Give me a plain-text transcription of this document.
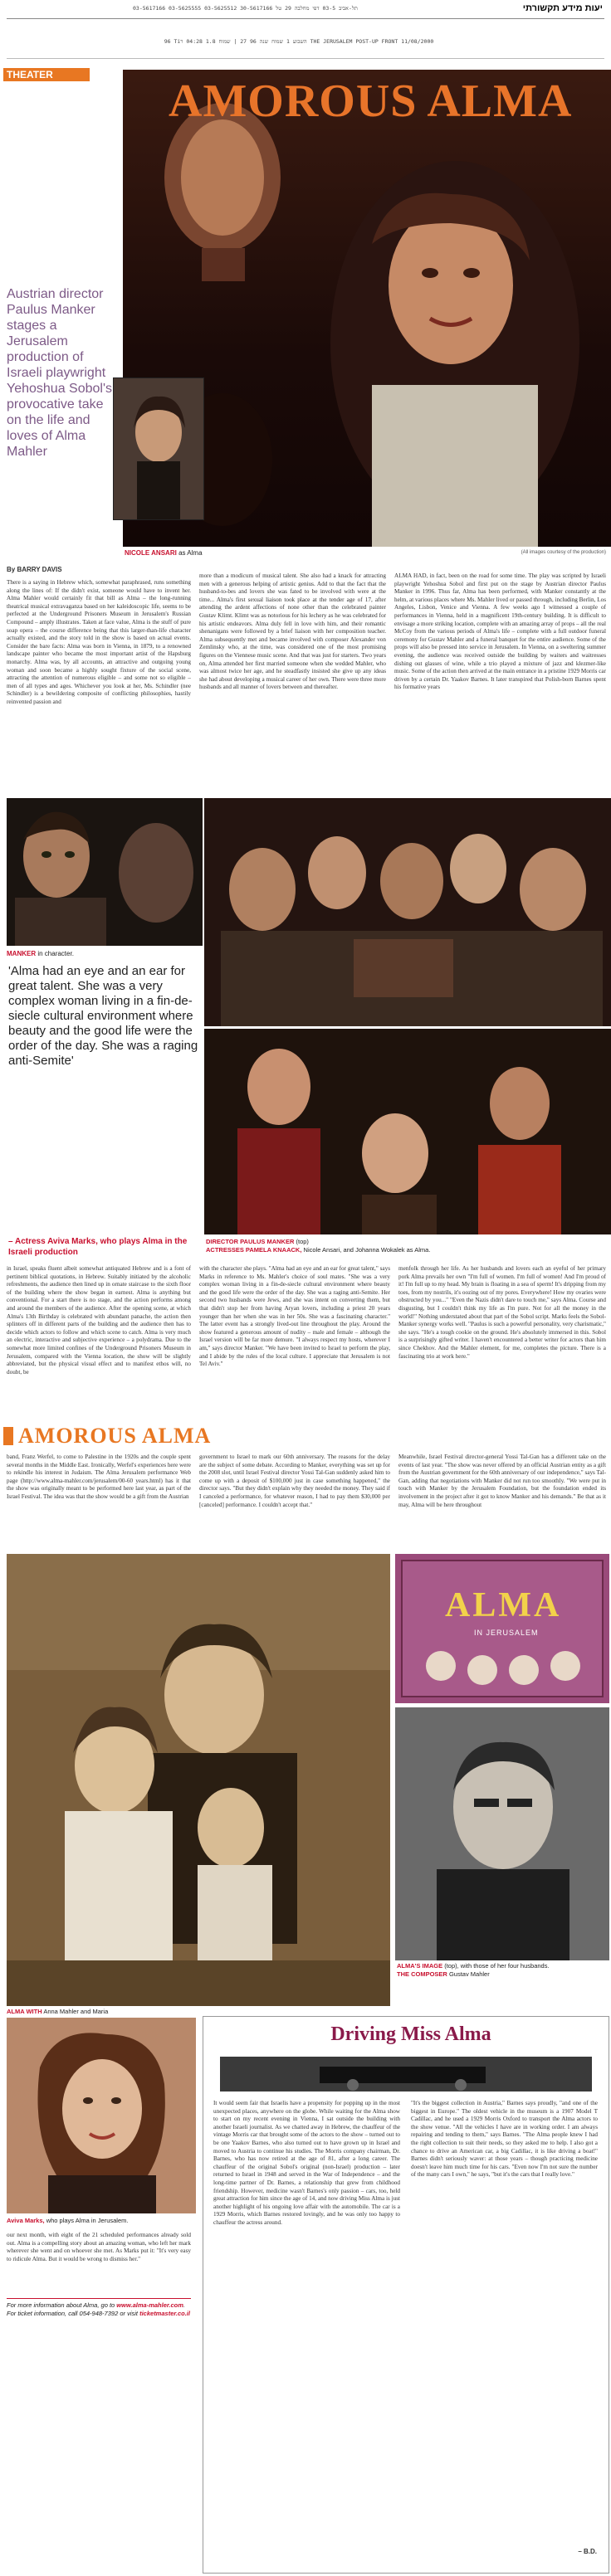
יעות מידע תקשורתי
03-5617166 03-5625555 03-5625512 תל-אביב 03-5 דפי מחלבה 29 טל 30-5617166
96 Tiהשבוע 1 שמוח שנה 96 27 | שמוח 1.8 04:28 ר THE JERUSALEM POST-UP FRONT 11/08/2000
THEATER
Austrian director Paulus Manker stages a Jerusalem production of Israeli playwright Yehoshua Sobol's provocative take on the life and loves of Alma Mahler
AMOROUS ALMA
NICOLE ANSARI as Alma	(All images courtesy of the production)
By BARRY DAVIS
There is a saying in Hebrew which, somewhat paraphrased, runs something along the lines of: If the didn't exist, someone would have to invent her. Alma Mahler would certainly fit that bill as Alma – the long-running theatrical musical extravaganza based on her kaleidoscopic life, seems to be perfected at the Underground Prisoners Museum in Jerusalem's Russian Compound – amply illustrates. Taken at face value, Alma is the stuff of pure soap opera – the course difference being that this larger-than-life character actually existed, and the story told in the show is based on actual events. Consider the bare facts: Alma was born in Vienna, in 1879, to a renowned landscape painter who became the most important artist of the Hapsburg monarchy. Alma was, by all accounts, an attractive and outgoing young woman and soon became a highly sought fixture of the social scene, attracting the attention of numerous eligible – and some not so eligible – men of all types and ages. Whichever you look at her, Ms. Schindler (nee Schindler) is a bewildering composite of conflicting philosophies, hastily reinvented passion and
more than a modicum of musical talent. She also had a knack for attracting men with a generous helping of artistic genius. Add to that the fact that the husband-to-bes and lovers she was fated to be involved with were at the time... Alma's first sexual liaison took place at the tender age of 17, after attending the ardent affections of none other than the celebrated painter Gustav Klimt. Klimt was as notorious for his lechery as he was celebrated for his artistic endeavors. Alma duly fell in love with him, and their romantic shenanigans were followed by a brief liaison with her composition teacher. Alma subsequently met and became involved with composer Alexander von Zemlinsky who, at the time, was considered one of the most promising figures on the Viennese music scene. And that was just for starters. Two years on, Alma attended her first married someone when she wedded Mahler, who was almost twice her age, and he steadfastly insisted she give up any ideas she had about developing a musical career of her own. There were three more husbands and all manner of lovers between and thereafter.
ALMA HAD, in fact, been on the road for some time. The play was scripted by Israeli playwright Yehoshua Sobol and first put on the stage by Austrian director Paulus Manker in 1996. Thus far, Alma has been performed, with Manker constantly at the helm, at various places where Ms. Mahler lived or passed through, including Berlin, Los Angeles, Lisbon, Venice and Vienna. A few weeks ago I witnessed a couple of performances in Vienna, held in a magnificent 19th-century building. It is difficult to envisage a more striking location, complete with an amazing array of props – all the real McCoy from the various periods of Alma's life – complete with a full outdoor funeral ceremony for Gustav Mahler and a funeral banquet for the entire audience. Some of the props will also be pressed into service in Jerusalem. In Vienna, on a sweltering summer evening, the audience was received outside the building by waiters and waitresses dishing out glasses of wine, while a trio played a mixture of jazz and klezmer-like music. Some of the action then arrived at the main entrance in a pristine 1929 Morris car driven by a certain Dr. Yaakov Barnes. It later transpired that Polish-born Barnes spent his formative years
MANKER in character.
'Alma had an eye and an ear for great talent. She was a very complex woman living in a fin-de-siecle cultural environment where beauty and the good life were the order of the day. She was a raging anti-Semite'
– Actress Aviva Marks, who plays Alma in the Israeli production
DIRECTOR PAULUS MANKER (top)
ACTRESSES PAMELA KNAACK, Nicole Ansari, and Johanna Wokalek as Alma.
in Israel, speaks fluent albeit somewhat antiquated Hebrew and is a font of pertinent biblical quotations, in Hebrew. Suitably initiated by the alcoholic refreshments, the audience then lined up in ornate staircase to the sixth floor of the building where the show began in earnest. Alma is anything but conventional. For a start there is no stage, and the action performs among and around the members of the audience. After the opening scene, at which Alma's 13th Birthday is celebrated with abundant panache, the action then splinters off in different parts of the building and the audience then has to decide which actors to follow and which scene to catch. Alma is very much an electric, interactive and subjective experience – a polydrama. Due to the somewhat more limited confines of the Underground Prisoners Museum in Jerusalem, compared with the Vienna location, the show will be slightly abbreviated, but the physical visual effect and to manifest ethos will, no doubt, be
with the character she plays. "Alma had an eye and an ear for great talent," says Marks in reference to Ms. Mahler's choice of soul mates. "She was a very complex woman living in a fin-de-siecle cultural environment where beauty and the good life were the order of the day. She was a raging anti-Semite. Her second two husbands were Jews, and she was intent on converting them, but that didn't stop her from having Aryan lovers, including a priest 20 years younger than her when she was in her 50s. She was a fascinating character." The latter event has a strongly lived-out line throughout the play. Around the show featured a generous amount of nudity – male and female – although the Israel version will be far more demure. "I always respect my hosts, wherever I am," says director Manker. "We have been invited to Israel to perform the play, and I abide by the rules of the local culture. I appreciate that Jerusalem is not Tel Aviv."
menfolk through her life. As her husbands and lovers each an eyeful of her primary pork Alma prevails her own "I'm full of women. I'm full of women! And I'm proud of it! I'm full up to my head. My brain is floating in a sea of sperm! It's dripping from my toes, from my nostrils, it's oozing out of my pores. Everywhere! How my ovaries were obstructed by you..." "Even the Nazis didn't dare to touch me," says Alma. Course and disgusting, but I couldn't think my life as I'm pure. Not for all the money in the world!" Nothing understated about that part of the Sobol script. Marks feels the Sobol-Manker synergy works well. "Paulus is such a powerful personality, very charismatic," she says. "He's a tough cookie on the ground. He's absolutely immersed in this. Sobol is a surprisingly gifted writer. I haven't encountered a better writer for actors than him since Chekhov. And the Mahler element, for me, completes the picture. There is a fascinating trio at work here."
AMOROUS ALMA
band, Franz Werfel, to come to Palestine in the 1920s and the couple spent several months in the Middle East. Ironically, Werfel's experiences here were to rekindle his interest in Judaism. The Alma Jerusalem performance Web page (http://www.alma-mahler.com/jerusalem/00-60 years.html) has it that the show was originally meant to be performed here last year, as part of the Israel Festival. The idea was that the show would be a gift from the Austrian
government to Israel to mark our 60th anniversary. The reasons for the delay are the subject of some debate. According to Manker, everything was set up for the 2008 slot, until Israel Festival director Yossi Tal-Gan suddenly asked him to come up with a deposit of $100,000 just in case something happened," the director says. "But they didn't explain why they needed the money. They said if I canceled a performance, for whatever reason, I had to pay them $30,000 per [canceled] performance. I couldn't accept that."
Meanwhile, Israel Festival director-general Yossi Tal-Gan has a different take on the events of last year. "The show was never offered by an official Austrian entity as a gift from the Austrian government for the 60th anniversary of our independence," says Tal-Gan, adding that negotiations with Manker did not run too smoothly. "We were put in touch with Manker by the Jerusalem Foundation, but the foundation ended its involvement in the project after it got to know Manker and his demands." Be that as it may, Alma will be here throughout
ALMA
IN JERUSALEM
ALMA'S IMAGE (top), with those of her four husbands.
THE COMPOSER Gustav Mahler
ALMA WITH Anna Mahler and Maria
Aviva Marks, who plays Alma in Jerusalem.
our next month, with eight of the 21 scheduled performances already sold out. Alma is a compelling story about an amazing woman, who left her mark wherever she went and on whoever she met. As Marks put it: "It's very easy to ridicule Alma. But it would be wrong to dismiss her."
For more information about Alma, go to www.alma-mahler.com. For ticket information, call 054-948-7392 or visit ticketmaster.co.il
Driving Miss Alma
It would seem fair that Israelis have a propensity for popping up in the most unexpected places, anywhere on the globe. While waiting for the Alma show to start on my recent evening in Vienna, I sat outside the building with another Israeli journalist. As we chatted away in Hebrew, the chauffeur of the vintage Morris car that brought some of the actors to the show – turned out to be one Yaakov Barnes, who also turned out to have grown up in Israel and moved to Austria to continue his studies. The Morris company chairman, Dr. Barnes, who has now retired at the age of 81, after a long career. The chauffeur of the original Sobol's original (non-Israel) production – later returned to Israel in 1948 and served in the War of Independence – and the long-time partner of Dr. Barnes, a relationship that grew from childhood friendship. However, medicine wasn't Barnes's only passion – cars, too, held great attraction for him since the age of 14, and now driving Miss Alma is just another highlight of his ongoing love affair with the automobile. The car is a 1929 Morris, which Barnes restored lovingly, and he was only too happy to chauffeur the actress around.
"It's the biggest collection in Austria," Barnes says proudly, "and one of the biggest in Europe." The oldest vehicle in the museum is a 1907 Model T Cadillac, and he used a 1929 Morris Oxford to transport the Alma actors to the show venue. "All the vehicles I have are in working order. I am always repairing and tending to them," says Barnes. "The Alma people knew I had the right collection to suit their needs, so they asked me to help. I also got a chance to drive an American car, a big Cadillac, it is like driving a boat!" Barnes didn't seriously waver: at those years – though practicing medicine doesn't leave him much time for his cars. "Even now I'm not sure the number of the many cars I own," he says, "but it's the cars that I really love."
– B.D.
